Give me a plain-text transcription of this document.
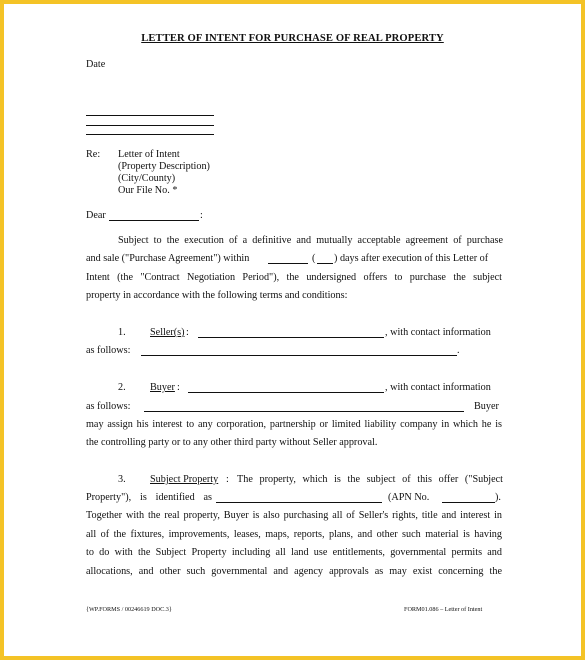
LETTER OF INTENT FOR PURCHASE OF REAL PROPERTY
Date
Re: Letter of Intent
(Property Description)
(City/County)
Our File No. *
Dear	:
Subject to the execution of a definitive and mutually acceptable agreement of purchase
and sale ("Purchase Agreement") within	( ) days after execution of this Letter of
Intent (the "Contract Negotiation Period"), the undersigned offers to purchase the subject
property in accordance with the following terms and conditions:
1. Seller(s) :	, with contact information
as follows:	.
2. Buyer :	, with contact information
as follows:	Buyer
may assign his interest to any corporation, partnership or limited liability company in which he is
the controlling party or to any other third party without Seller approval.
3. Subject Property : The property, which is the subject of this offer ("Subject
Property"), is identified as	(APN No.	).
Together with the real property, Buyer is also purchasing all of Seller's rights, title and interest in
all of the fixtures, improvements, leases, maps, reports, plans, and other such material is having
to do with the Subject Property including all land use entitlements, governmental permits and
allocations, and other such governmental and agency approvals as may exist concerning the
{WP.FORMS / 00246619 DOC.3}	FORM01.086 – Letter of Intent
